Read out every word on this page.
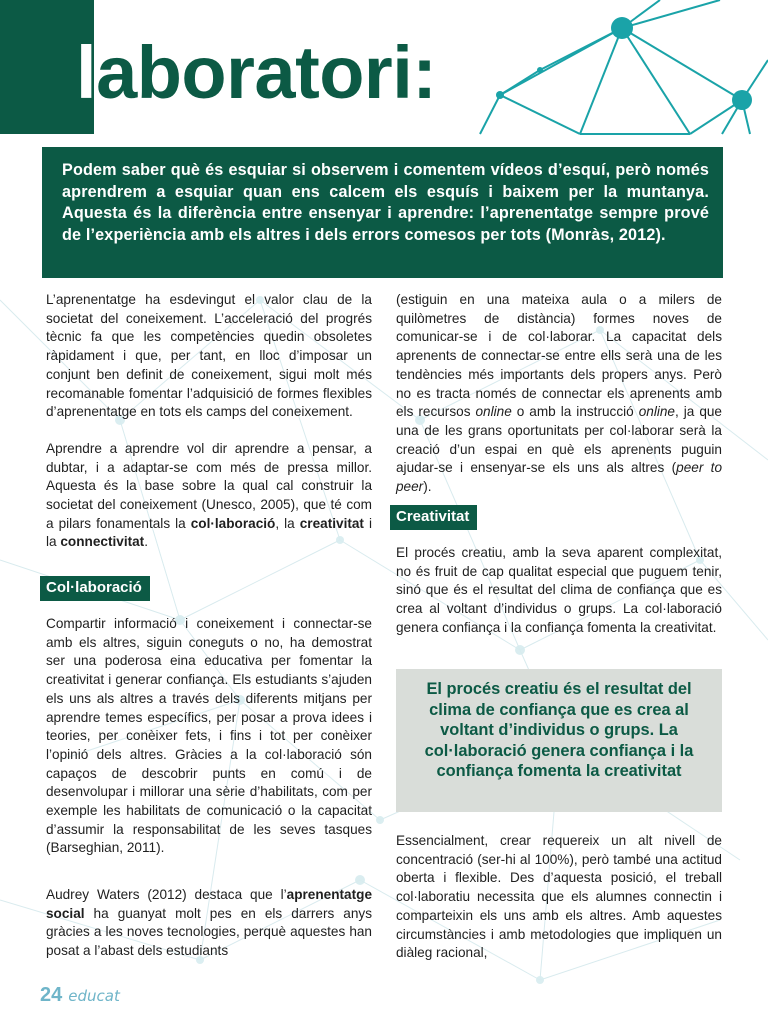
laboratori:

Podem saber què és esquiar si observem i comentem vídeos d’esquí, però només aprendrem a esquiar quan ens calcem els esquís i baixem per la muntanya. Aquesta és la diferència entre ensenyar i aprendre: l’aprenentatge sempre prové de l’experiència amb els altres i dels errors comesos per tots (Monràs, 2012).

L’aprenentatge ha esdevingut el valor clau de la societat del coneixement. L’acceleració del progrés tècnic fa que les competències quedin obsoletes ràpidament i que, per tant, en lloc d’imposar un conjunt ben definit de coneixement, sigui molt més recomanable fomentar l’adquisició de formes flexibles d’aprenentatge en tots els camps del coneixement.

Aprendre a aprendre vol dir aprendre a pensar, a dubtar, i a adaptar-se com més de pressa millor. Aquesta és la base sobre la qual cal construir la societat del coneixement (Unesco, 2005), que té com a pilars fonamentals la col·laboració, la creativitat i la connectivitat.

Col·laboració

Compartir informació i coneixement i connectar-se amb els altres, siguin coneguts o no, ha demostrat ser una poderosa eina educativa per fomentar la creativitat i generar confiança. Els estudiants s’ajuden els uns als altres a través dels diferents mitjans per aprendre temes específics, per posar a prova idees i teories, per conèixer fets, i fins i tot per conèixer l’opinió dels altres. Gràcies a la col·laboració són capaços de descobrir punts en comú i de desenvolupar i millorar una sèrie d’habilitats, com per exemple les habilitats de comunicació o la capacitat d’assumir la responsabilitat de les seves tasques (Barseghian, 2011).

Audrey Waters (2012) destaca que l’aprenentatge social ha guanyat molt pes en els darrers anys gràcies a les noves tecnologies, perquè aquestes han posat a l’abast dels estudiants

(estiguin en una mateixa aula o a milers de quilòmetres de distància) formes noves de comunicar-se i de col·laborar. La capacitat dels aprenents de connectar-se entre ells serà una de les tendències més importants dels propers anys. Però no es tracta només de connectar els aprenents amb els recursos online o amb la instrucció online, ja que una de les grans oportunitats per col·laborar serà la creació d’un espai en què els aprenents puguin ajudar-se i ensenyar-se els uns als altres (peer to peer).

Creativitat

El procés creatiu, amb la seva aparent complexitat, no és fruit de cap qualitat especial que puguem tenir, sinó que és el resultat del clima de confiança que es crea al voltant d’individus o grups. La col·laboració genera confiança i la confiança fomenta la creativitat.

El procés creatiu és el resultat del clima de confiança que es crea al voltant d’individus o grups. La col·laboració genera confiança i la confiança fomenta la creativitat

Essencialment, crear requereix un alt nivell de concentració (ser-hi al 100%), però també una actitud oberta i flexible. Des d’aquesta posició, el treball col·laboratiu necessita que els alumnes connectin i comparteixin els uns amb els altres. Amb aquestes circumstàncies i amb metodologies que impliquen un diàleg racional,

24 educat
